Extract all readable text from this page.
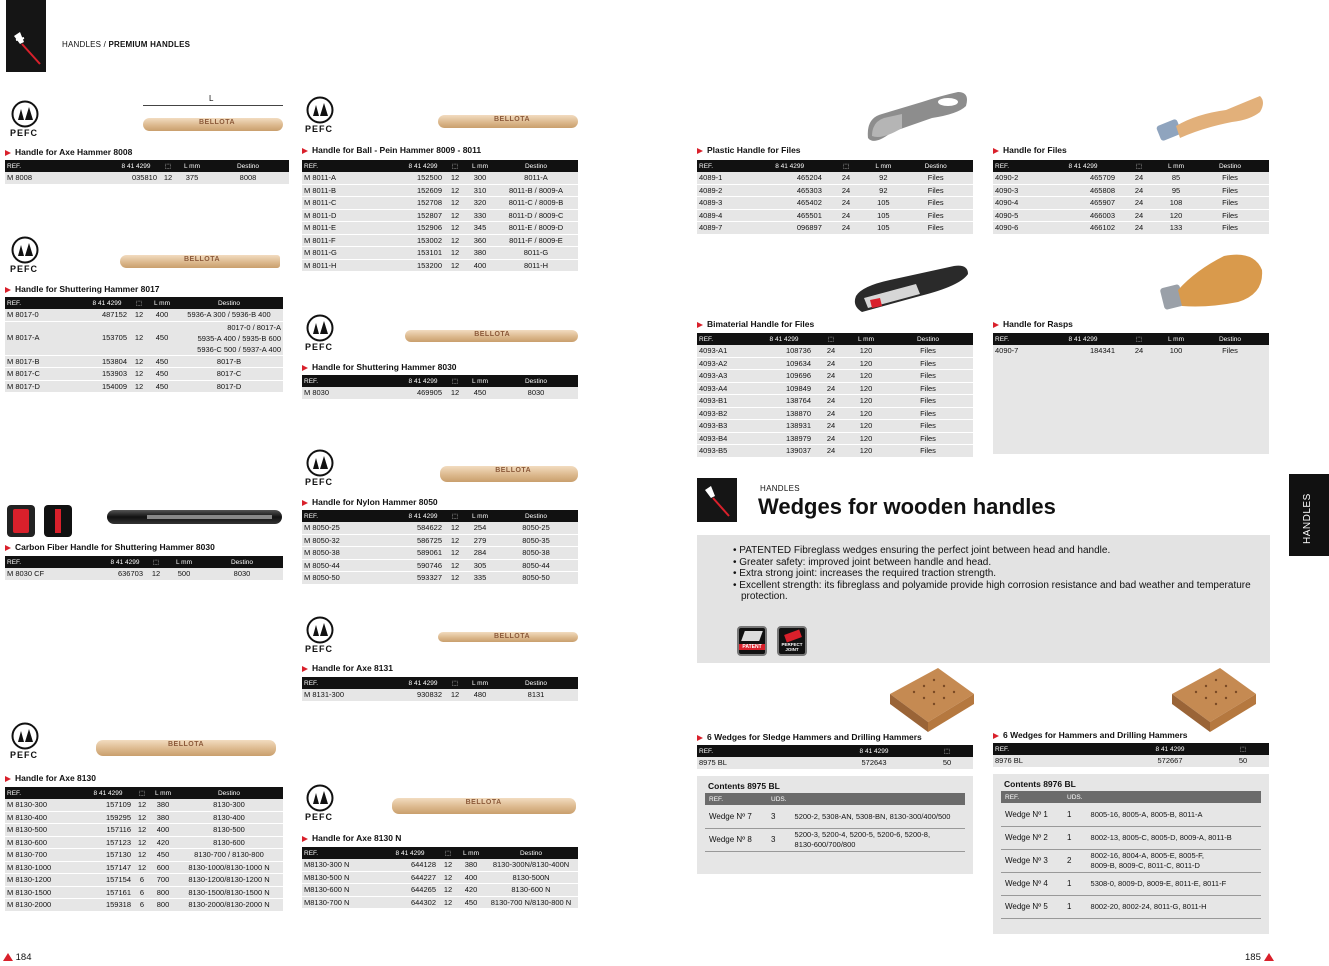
HANDLES / PREMIUM HANDLES
L
PEFC
PEFC
PEFC
PEFC
PEFC
PEFC
PEFC
PEFC
BELLOTA
BELLOTA
BELLOTA
BELLOTA
BELLOTA
BELLOTA
BELLOTA
BELLOTA
Handle for Axe Hammer 8008
REF.	8 41 4299	⬚	L mm	Destino
M 8008	035810	12	375	8008
Handle for Shuttering Hammer 8017
REF.	8 41 4299	⬚	L mm	Destino
M 8017-0	487152	12	400	5936-A 300 / 5936-B 400
M 8017-A	153705	12	450	8017-0 / 8017-A
5935-A 400 / 5935-B 600
5936-C 500 / 5937-A 400
M 8017-B	153804	12	450	8017-B
M 8017-C	153903	12	450	8017-C
M 8017-D	154009	12	450	8017-D
Carbon Fiber Handle for Shuttering Hammer 8030
REF.	8 41 4299	⬚	L mm	Destino
M 8030 CF	636703	12	500	8030
Handle for Axe 8130
REF.	8 41 4299	⬚	L mm	Destino
M 8130-300	157109	12	380	8130-300
M 8130-400	159295	12	380	8130-400
M 8130-500	157116	12	400	8130-500
M 8130-600	157123	12	420	8130-600
M 8130-700	157130	12	450	8130-700 / 8130-800
M 8130-1000	157147	12	600	8130-1000/8130-1000 N
M 8130-1200	157154	6	700	8130-1200/8130-1200 N
M 8130-1500	157161	6	800	8130-1500/8130-1500 N
M 8130-2000	159318	6	800	8130-2000/8130-2000 N
Handle for Ball - Pein Hammer 8009 - 8011
REF.	8 41 4299	⬚	L mm	Destino
M 8011-A	152500	12	300	8011-A
M 8011-B	152609	12	310	8011-B / 8009-A
M 8011-C	152708	12	320	8011-C / 8009-B
M 8011-D	152807	12	330	8011-D / 8009-C
M 8011-E	152906	12	345	8011-E / 8009-D
M 8011-F	153002	12	360	8011-F / 8009-E
M 8011-G	153101	12	380	8011-G
M 8011-H	153200	12	400	8011-H
Handle for Shuttering Hammer 8030
REF.	8 41 4299	⬚	L mm	Destino
M 8030	469905	12	450	8030
Handle for Nylon Hammer 8050
REF.	8 41 4299	⬚	L mm	Destino
M 8050-25	584622	12	254	8050-25
M 8050-32	586725	12	279	8050-35
M 8050-38	589061	12	284	8050-38
M 8050-44	590746	12	305	8050-44
M 8050-50	593327	12	335	8050-50
Handle for Axe 8131
REF.	8 41 4299	⬚	L mm	Destino
M 8131-300	930832	12	480	8131
Handle for Axe 8130 N
REF.	8 41 4299	⬚	L mm	Destino
M8130-300 N	644128	12	380	8130-300N/8130-400N
M8130-500 N	644227	12	400	8130-500N
M8130-600 N	644265	12	420	8130-600 N
M8130-700 N	644302	12	450	8130-700 N/8130-800 N
Plastic Handle for Files
REF.	8 41 4299	⬚	L mm	Destino
4089-1	465204	24	92	Files
4089-2	465303	24	92	Files
4089-3	465402	24	105	Files
4089-4	465501	24	105	Files
4089-7	096897	24	105	Files
Handle for Files
REF.	8 41 4299	⬚	L mm	Destino
4090-2	465709	24	85	Files
4090-3	465808	24	95	Files
4090-4	465907	24	108	Files
4090-5	466003	24	120	Files
4090-6	466102	24	133	Files
Bimaterial Handle for Files
REF.	8 41 4299	⬚	L mm	Destino
4093-A1	108736	24	120	Files
4093-A2	109634	24	120	Files
4093-A3	109696	24	120	Files
4093-A4	109849	24	120	Files
4093-B1	138764	24	120	Files
4093-B2	138870	24	120	Files
4093-B3	138931	24	120	Files
4093-B4	138979	24	120	Files
4093-B5	139037	24	120	Files
Handle for Rasps
REF.	8 41 4299	⬚	L mm	Destino
4090-7	184341	24	100	Files
HANDLES
Wedges for wooden handles
• PATENTED Fibreglass wedges ensuring the perfect joint between head and handle.
• Greater safety: improved joint between handle and head.
• Extra strong joint: increases the required traction strength.
• Excellent strength: its fibreglass and polyamide provide high corrosion resistance and bad weather and temperature protection.
PATENT	PERFECT JOINT
6 Wedges for Sledge Hammers and Drilling Hammers
REF.	8 41 4299	⬚
8975 BL	572643	50
Contents 8975 BL
REF.	UDS.	
Wedge Nº 7	3	5200-2, 5308-AN, 5308-BN, 8130-300/400/500
Wedge Nº 8	3	5200-3, 5200-4, 5200-5, 5200-6, 5200-8,
8130-600/700/800
6 Wedges for Hammers and Drilling Hammers
REF.	8 41 4299	⬚
8976 BL	572667	50
Contents 8976 BL
REF.	UDS.	
Wedge Nº 1	1	8005-16, 8005-A, 8005-B, 8011-A
Wedge Nº 2	1	8002-13, 8005-C, 8005-D, 8009-A, 8011-B
Wedge Nº 3	2	8002-16, 8004-A, 8005-E, 8005-F,
8009-B, 8009-C, 8011-C, 8011-D
Wedge Nº 4	1	5308-0, 8009-D, 8009-E, 8011-E, 8011-F
Wedge Nº 5	1	8002-20, 8002-24, 8011-G, 8011-H
HANDLES
184	185
